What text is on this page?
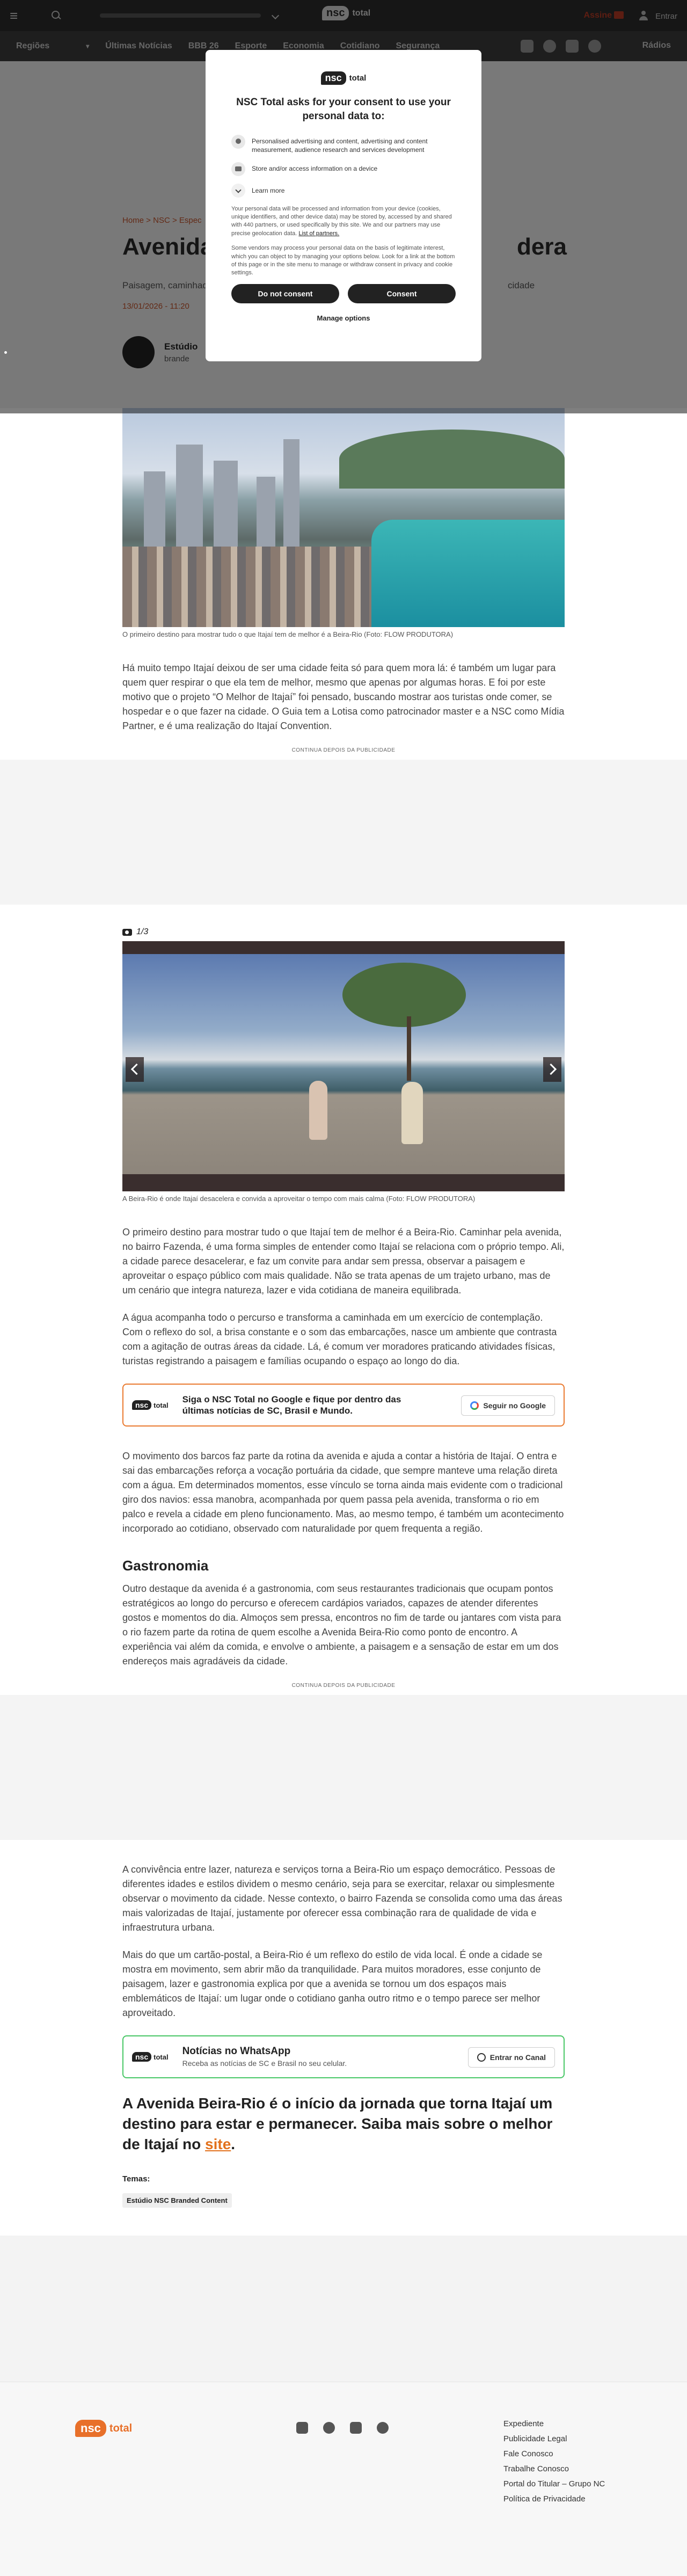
▾
nsc total
NSC Total asks for your consent to use your personal data to:
Personalised advertising and content, advertising and content measurement, audience research and services development
Store and/or access information on a device
Learn more

Your personal data will be processed and information from your device (cookies, unique identifiers, and other device data) may be stored by, accessed by and shared with 440 partners, or used specifically by this site. We and our partners may use precise geolocation data. List of partners.

Some vendors may process your personal data on the basis of legitimate interest, which you can object to by managing your options below. Look for a link at the bottom of this page or in the site menu to manage or withdraw consent in privacy and cookie settings.

Do not consent	Consent
Manage options

O primeiro destino para mostrar tudo o que Itajaí tem de melhor é a Beira-Rio (Foto: FLOW PRODUTORA)

Há muito tempo Itajaí deixou de ser uma cidade feita só para quem mora lá: é também um lugar para quem quer respirar o que ela tem de melhor, mesmo que apenas por algumas horas. E foi por este motivo que o projeto “O Melhor de Itajaí” foi pensado, buscando mostrar aos turistas onde comer, se hospedar e o que fazer na cidade. O Guia tem a Lotisa como patrocinador master e a NSC como Mídia Partner, e é uma realização do Itajaí Convention.

CONTINUA DEPOIS DA PUBLICIDADE
1/3

A Beira-Rio é onde Itajaí desacelera e convida a aproveitar o tempo com mais calma (Foto: FLOW PRODUTORA)

O primeiro destino para mostrar tudo o que Itajaí tem de melhor é a Beira-Rio. Caminhar pela avenida, no bairro Fazenda, é uma forma simples de entender como Itajaí se relaciona com o próprio tempo. Ali, a cidade parece desacelerar, e faz um convite para andar sem pressa, observar a paisagem e aproveitar o espaço público com mais qualidade. Não se trata apenas de um trajeto urbano, mas de um cenário que integra natureza, lazer e vida cotidiana de maneira equilibrada.

A água acompanha todo o percurso e transforma a caminhada em um exercício de contemplação. Com o reflexo do sol, a brisa constante e o som das embarcações, nasce um ambiente que contrasta com a agitação de outras áreas da cidade. Lá, é comum ver moradores praticando atividades físicas, turistas registrando a paisagem e famílias ocupando o espaço ao longo do dia.

nsc total
Siga o NSC Total no Google e fique por dentro das últimas notícias de SC, Brasil e Mundo.	Seguir no Google

O movimento dos barcos faz parte da rotina da avenida e ajuda a contar a história de Itajaí. O entra e sai das embarcações reforça a vocação portuária da cidade, que sempre manteve uma relação direta com a água. Em determinados momentos, esse vínculo se torna ainda mais evidente com o tradicional giro dos navios: essa manobra, acompanhada por quem passa pela avenida, transforma o rio em palco e revela a cidade em pleno funcionamento. Mas, ao mesmo tempo, é também um acontecimento incorporado ao cotidiano, observado com naturalidade por quem frequenta a região.

Gastronomia

Outro destaque da avenida é a gastronomia, com seus restaurantes tradicionais que ocupam pontos estratégicos ao longo do percurso e oferecem cardápios variados, capazes de atender diferentes gostos e momentos do dia. Almoços sem pressa, encontros no fim de tarde ou jantares com vista para o rio fazem parte da rotina de quem escolhe a Avenida Beira-Rio como ponto de encontro. A experiência vai além da comida, e envolve o ambiente, a paisagem e a sensação de estar em um dos endereços mais agradáveis da cidade.

CONTINUA DEPOIS DA PUBLICIDADE

A convivência entre lazer, natureza e serviços torna a Beira-Rio um espaço democrático. Pessoas de diferentes idades e estilos dividem o mesmo cenário, seja para se exercitar, relaxar ou simplesmente observar o movimento da cidade. Nesse contexto, o bairro Fazenda se consolida como uma das áreas mais valorizadas de Itajaí, justamente por oferecer essa combinação rara de qualidade de vida e infraestrutura urbana.

Mais do que um cartão-postal, a Beira-Rio é um reflexo do estilo de vida local. É onde a cidade se mostra em movimento, sem abrir mão da tranquilidade. Para muitos moradores, esse conjunto de paisagem, lazer e gastronomia explica por que a avenida se tornou um dos espaços mais emblemáticos de Itajaí: um lugar onde o cotidiano ganha outro ritmo e o tempo parece ser melhor aproveitado.

nsc total Notícias no WhatsApp
Receba as notícias de SC e Brasil no seu celular.
Entrar no Canal

A Avenida Beira-Rio é o início da jornada que torna Itajaí um destino para estar e permanecer. Saiba mais sobre o melhor de Itajaí no site.

Temas:
Estúdio NSC Branded Content
nsc total	Expediente
Publicidade Legal
Fale Conosco
Trabalhe Conosco
Portal do Titular – Grupo NC
Política de Privacidade
